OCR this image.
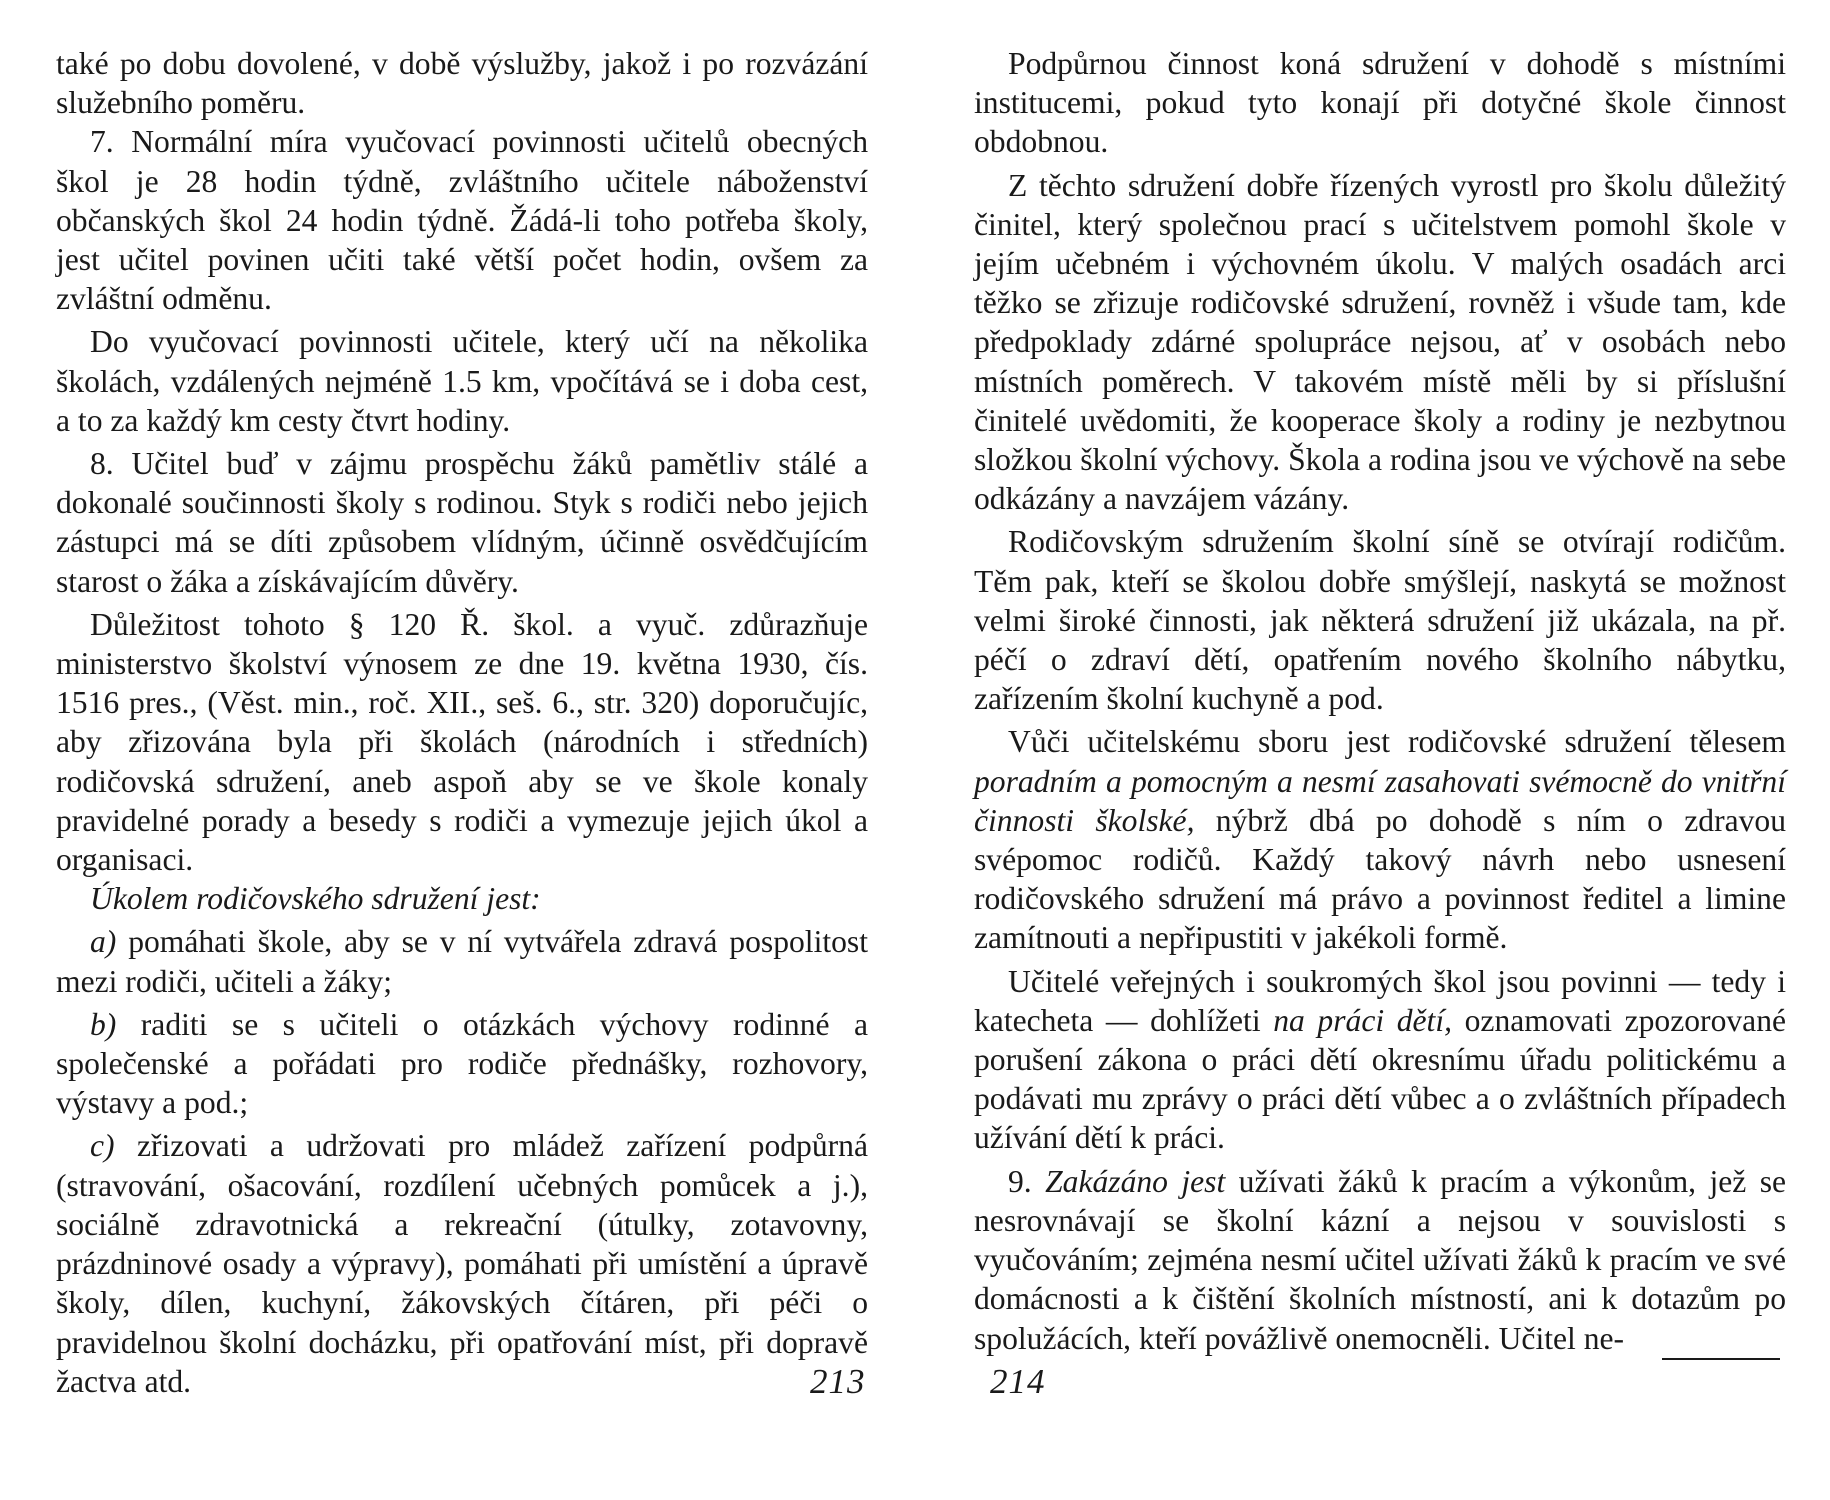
také po dobu dovolené, v době výslužby, jakož i po rozvázání služebního poměru.

7. Normální míra vyučovací povinnosti učitelů obecných škol je 28 hodin týdně, zvláštního učitele náboženství občanských škol 24 hodin týdně. Žádá-li toho potřeba školy, jest učitel povinen učiti také větší počet hodin, ovšem za zvláštní odměnu.

Do vyučovací povinnosti učitele, který učí na několika školách, vzdálených nejméně 1.5 km, vpočítává se i doba cest, a to za každý km cesty čtvrt hodiny.

8. Učitel buď v zájmu prospěchu žáků pamětliv stálé a dokonalé součinnosti školy s rodinou. Styk s rodiči nebo jejich zástupci má se díti způsobem vlídným, účinně osvědčujícím starost o žáka a získávajícím důvěry.

Důležitost tohoto § 120 Ř. škol. a vyuč. zdůrazňuje ministerstvo školství výnosem ze dne 19. května 1930, čís. 1516 pres., (Věst. min., roč. XII., seš. 6., str. 320) doporučujíc, aby zřizována byla při školách (národních i středních) rodičovská sdružení, aneb aspoň aby se ve škole konaly pravidelné porady a besedy s rodiči a vymezuje jejich úkol a organisaci.

Úkolem rodičovského sdružení jest:

a) pomáhati škole, aby se v ní vytvářela zdravá pospolitost mezi rodiči, učiteli a žáky;

b) raditi se s učiteli o otázkách výchovy rodinné a společenské a pořádati pro rodiče přednášky, rozhovory, výstavy a pod.;

c) zřizovati a udržovati pro mládež zařízení podpůrná (stravování, ošacování, rozdílení učebných pomůcek a j.), sociálně zdravotnická a rekreační (útulky, zotavovny, prázdninové osady a výpravy), pomáhati při umístění a úpravě školy, dílen, kuchyní, žákovských čítáren, při péči o pravidelnou školní docházku, při opatřování míst, při dopravě žactva atd.

Podpůrnou činnost koná sdružení v dohodě s místními institucemi, pokud tyto konají při dotyčné škole činnost obdobnou.

Z těchto sdružení dobře řízených vyrostl pro školu důležitý činitel, který společnou prací s učitelstvem pomohl škole v jejím učebném i výchovném úkolu. V malých osadách arci těžko se zřizuje rodičovské sdružení, rovněž i všude tam, kde předpoklady zdárné spolupráce nejsou, ať v osobách nebo místních poměrech. V takovém místě měli by si příslušní činitelé uvědomiti, že kooperace školy a rodiny je nezbytnou složkou školní výchovy. Škola a rodina jsou ve výchově na sebe odkázány a navzájem vázány.

Rodičovským sdružením školní síně se otvírají rodičům. Těm pak, kteří se školou dobře smýšlejí, naskytá se možnost velmi široké činnosti, jak některá sdružení již ukázala, na př. péčí o zdraví dětí, opatřením nového školního nábytku, zařízením školní kuchyně a pod.

Vůči učitelskému sboru jest rodičovské sdružení tělesem poradním a pomocným a nesmí zasahovati svémocně do vnitřní činnosti školské, nýbrž dbá po dohodě s ním o zdravou svépomoc rodičů. Každý takový návrh nebo usnesení rodičovského sdružení má právo a povinnost ředitel a limine zamítnouti a nepřipustiti v jakékoli formě.

Učitelé veřejných i soukromých škol jsou povinni — tedy i katecheta — dohlížeti na práci dětí, oznamovati zpozorované porušení zákona o práci dětí okresnímu úřadu politickému a podávati mu zprávy o práci dětí vůbec a o zvláštních případech užívání dětí k práci.

9. Zakázáno jest užívati žáků k pracím a výkonům, jež se nesrovnávají se školní kázní a nejsou v souvislosti s vyučováním; zejména nesmí učitel užívati žáků k pracím ve své domácnosti a k čištění školních místností, ani k dotazům po spolužácích, kteří povážlivě onemocněli. Učitel ne-

213	214
